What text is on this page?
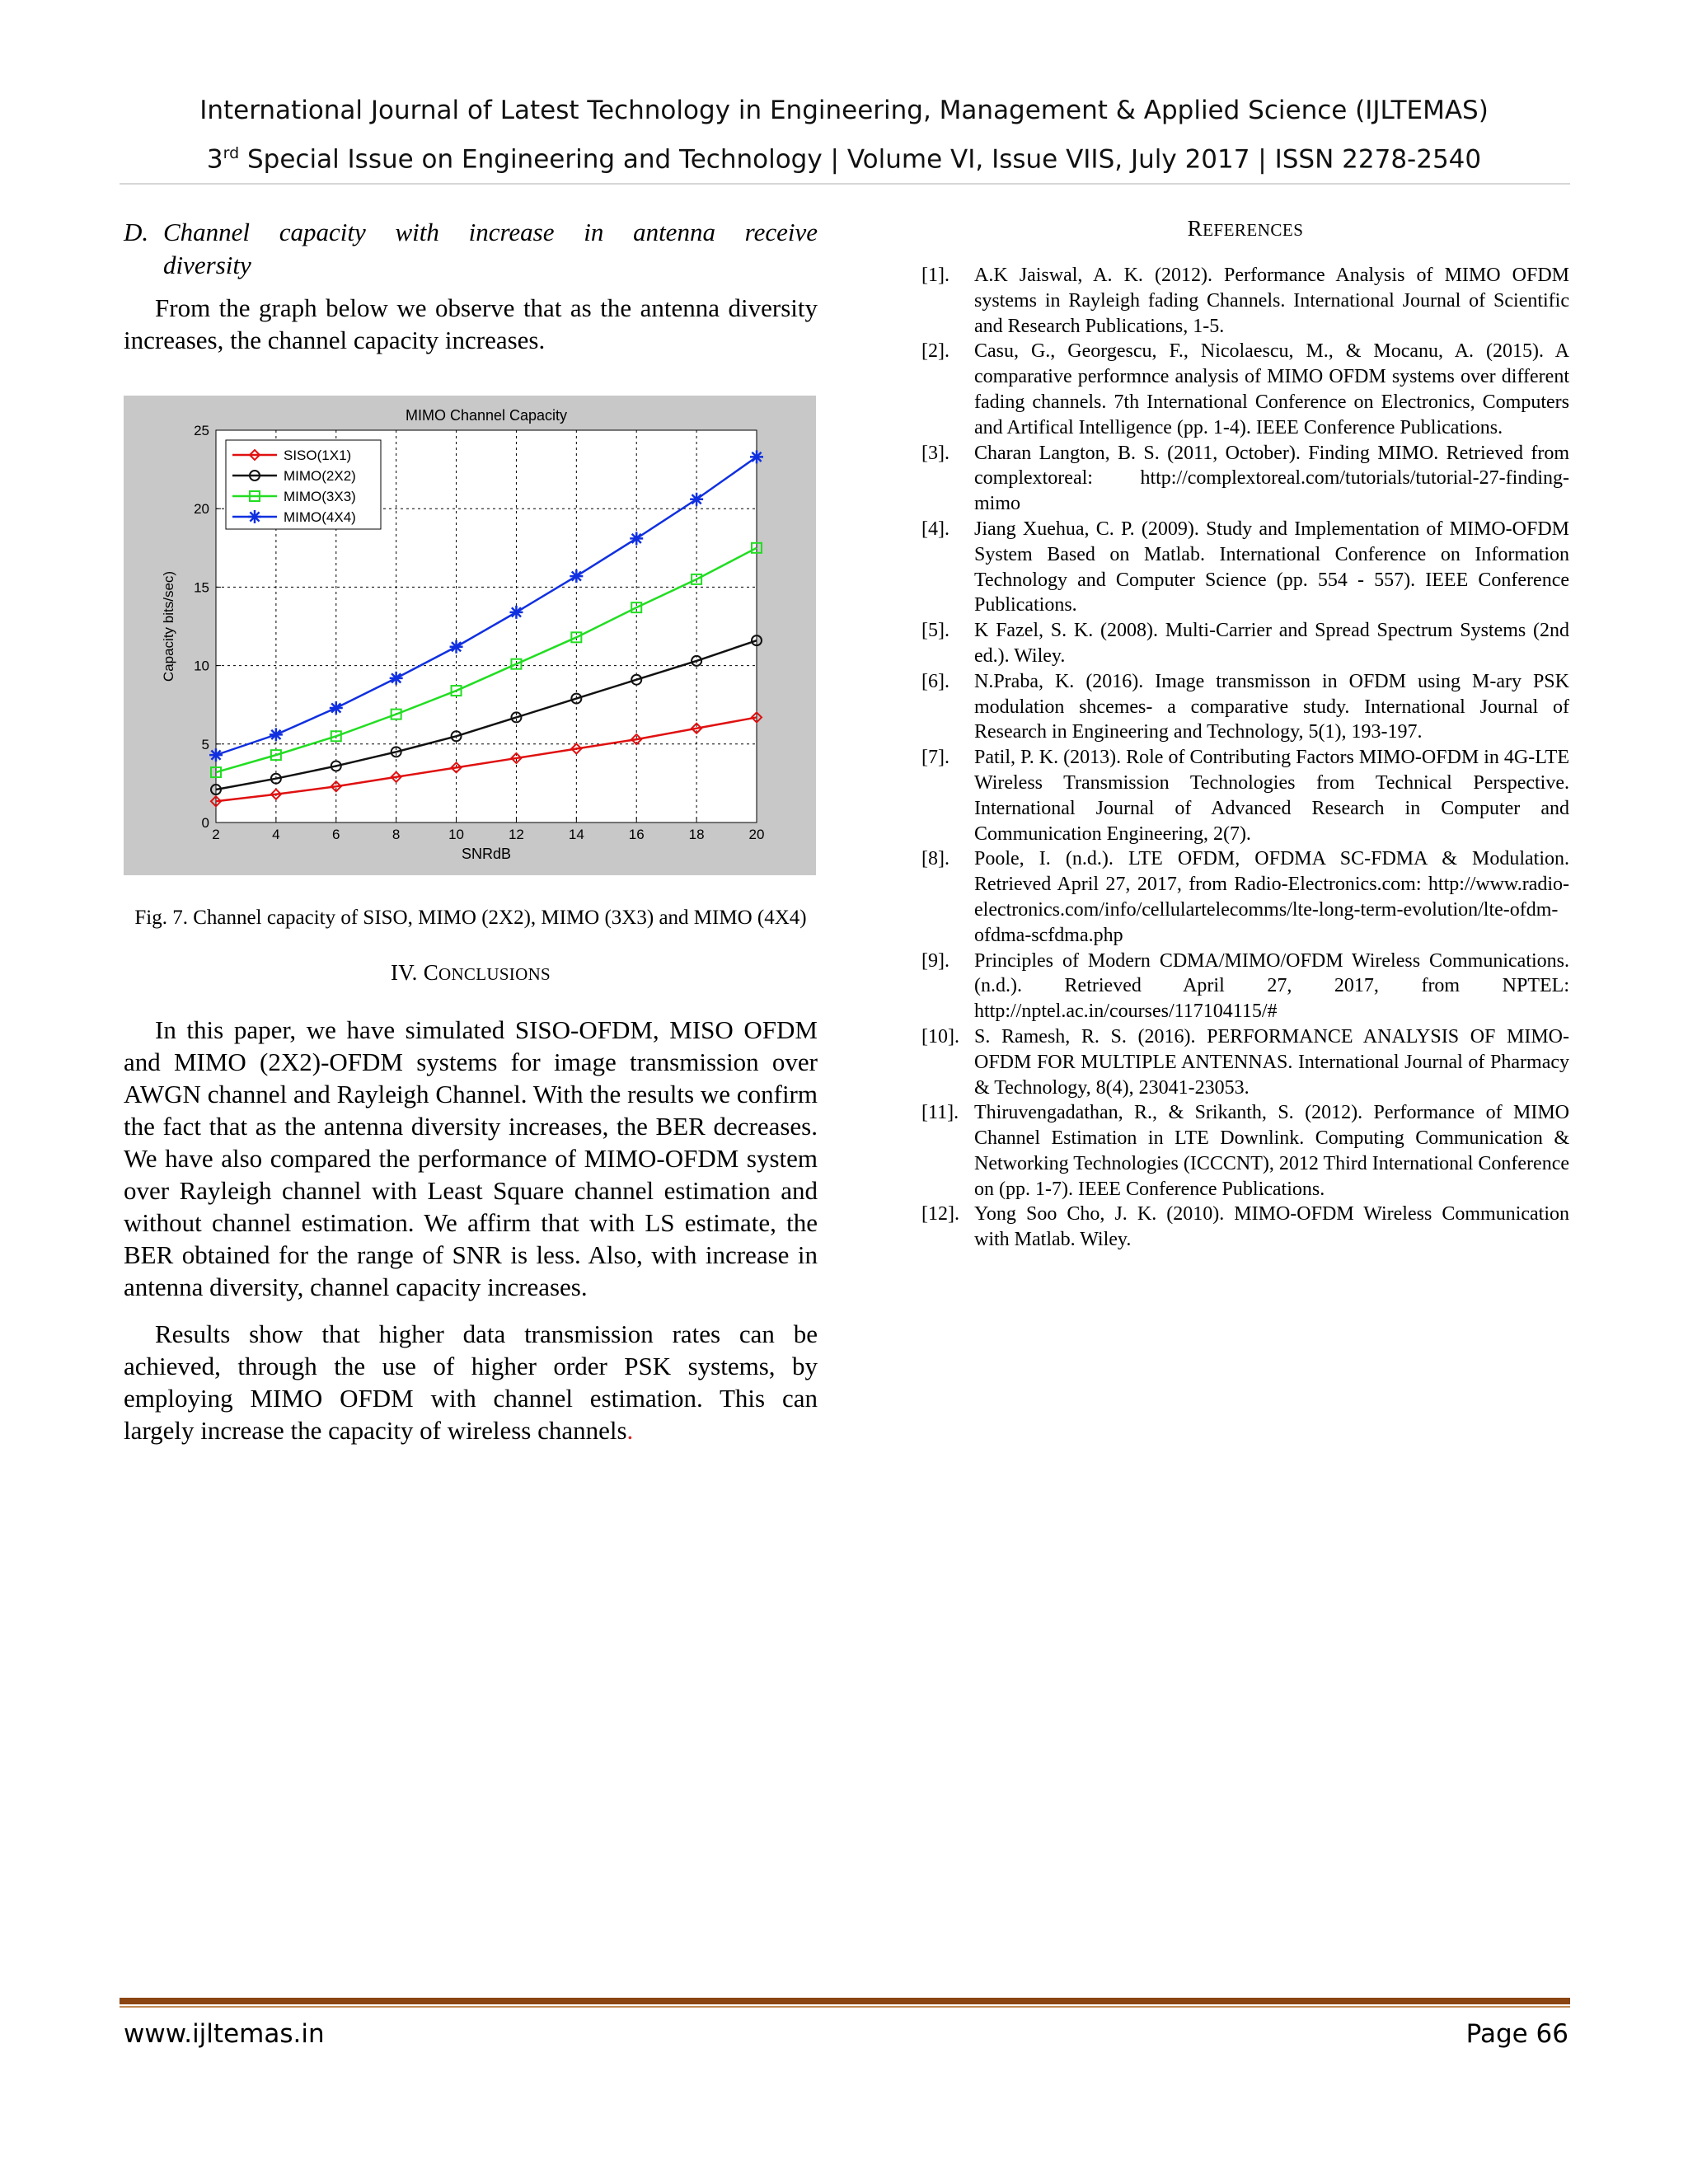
International Journal of Latest Technology in Engineering, Management & Applied Science (IJLTEMAS)
3rd Special Issue on Engineering and Technology | Volume VI, Issue VIIS, July 2017 | ISSN 2278-2540
D. Channel capacity with increase in antenna receive
diversity

From the graph below we observe that as the antenna diversity increases, the channel capacity increases.

2	4	6	8	10	12	14	16	18	20
0
5
10
15
20
25
MIMO Channel Capacity
SNRdB
Capacity bits/sec)
SISO(1X1)
MIMO(2X2)
MIMO(3X3)
MIMO(4X4)
Fig. 7. Channel capacity of SISO, MIMO (2X2), MIMO (3X3) and MIMO (4X4)
IV. CONCLUSIONS

In this paper, we have simulated SISO-OFDM, MISO OFDM and MIMO (2X2)-OFDM systems for image transmission over AWGN channel and Rayleigh Channel. With the results we confirm the fact that as the antenna diversity increases, the BER decreases. We have also compared the performance of MIMO-OFDM system over Rayleigh channel with Least Square channel estimation and without channel estimation. We affirm that with LS estimate, the BER obtained for the range of SNR is less. Also, with increase in antenna diversity, channel capacity increases.

Results show that higher data transmission rates can be achieved, through the use of higher order PSK systems, by employing MIMO OFDM with channel estimation. This can largely increase the capacity of wireless channels.

REFERENCES
[1].	A.K Jaiswal, A. K. (2012). Performance Analysis of MIMO OFDM systems in Rayleigh fading Channels. International Journal of Scientific and Research Publications, 1-5.
[2].	Casu, G., Georgescu, F., Nicolaescu, M., & Mocanu, A. (2015). A comparative performnce analysis of MIMO OFDM systems over different fading channels. 7th International Conference on Electronics, Computers and Artifical Intelligence (pp. 1-4). IEEE Conference Publications.
[3].	Charan Langton, B. S. (2011, October). Finding MIMO. Retrieved from complextoreal: http://complextoreal.com/tutorials/tutorial-27-finding-mimo
[4].	Jiang Xuehua, C. P. (2009). Study and Implementation of MIMO-OFDM System Based on Matlab. International Conference on Information Technology and Computer Science (pp. 554 - 557). IEEE Conference Publications.
[5].	K Fazel, S. K. (2008). Multi-Carrier and Spread Spectrum Systems (2nd ed.). Wiley.
[6].	N.Praba, K. (2016). Image transmisson in OFDM using M-ary PSK modulation shcemes- a comparative study. International Journal of Research in Engineering and Technology, 5(1), 193-197.
[7].	Patil, P. K. (2013). Role of Contributing Factors MIMO-OFDM in 4G-LTE Wireless Transmission Technologies from Technical Perspective. International Journal of Advanced Research in Computer and Communication Engineering, 2(7).
[8].	Poole, I. (n.d.). LTE OFDM, OFDMA SC-FDMA & Modulation. Retrieved April 27, 2017, from Radio-Electronics.com: http://www.radio-electronics.com/info/cellulartelecomms/lte-long-term-evolution/lte-ofdm-ofdma-scfdma.php
[9].	Principles of Modern CDMA/MIMO/OFDM Wireless Communications. (n.d.). Retrieved April 27, 2017, from NPTEL: http://nptel.ac.in/courses/117104115/#
[10]. S. Ramesh, R. S. (2016). PERFORMANCE ANALYSIS OF MIMO-OFDM FOR MULTIPLE ANTENNAS. International Journal of Pharmacy & Technology, 8(4), 23041-23053.
[11]. Thiruvengadathan, R., & Srikanth, S. (2012). Performance of MIMO Channel Estimation in LTE Downlink. Computing Communication & Networking Technologies (ICCCNT), 2012 Third International Conference on (pp. 1-7). IEEE Conference Publications.
[12]. Yong Soo Cho, J. K. (2010). MIMO-OFDM Wireless Communication with Matlab. Wiley.
www.ijltemas.in	Page 66
